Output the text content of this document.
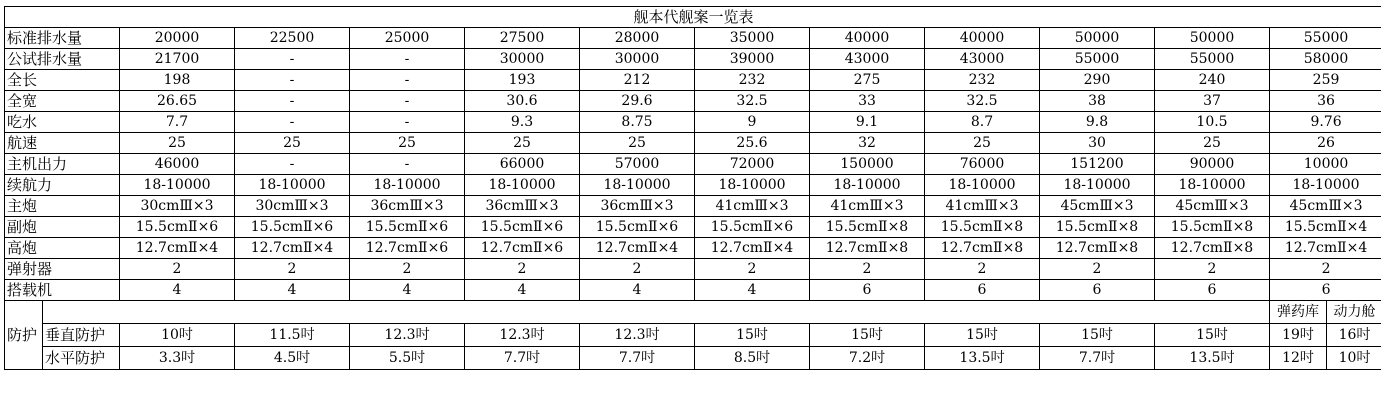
舰本代舰案一览表													
标准排水量		20000	22500	25000	27500	28000	35000	40000	40000	50000	50000	55000	
公试排水量		21700	-	-	30000	30000	39000	43000	43000	55000	55000	58000	
全长		198	-	-	193	212	232	275	232	290	240	259	
全宽		26.65	-	-	30.6	29.6	32.5	33	32.5	38	37	36	
吃水		7.7	-	-	9.3	8.75	9	9.1	8.7	9.8	10.5	9.76	
航速		25	25	25	25	25	25.6	32	25	30	25	26	
主机出力		46000	-	-	66000	57000	72000	150000	76000	151200	90000	10000	
续航力		18-10000	18-10000	18-10000	18-10000	18-10000	18-10000	18-10000	18-10000	18-10000	18-10000	18-10000	
主炮		30cmⅢ×3	30cmⅢ×3	36cmⅢ×3	36cmⅢ×3	36cmⅢ×3	41cmⅢ×3	41cmⅢ×3	41cmⅢ×3	45cmⅢ×3	45cmⅢ×3	45cmⅢ×3	
副炮		15.5cmⅡ×6	15.5cmⅡ×6	15.5cmⅡ×6	15.5cmⅡ×6	15.5cmⅡ×6	15.5cmⅡ×6	15.5cmⅡ×8	15.5cmⅡ×8	15.5cmⅡ×8	15.5cmⅡ×8	15.5cmⅡ×4	
高炮		12.7cmⅡ×4	12.7cmⅡ×4	12.7cmⅡ×6	12.7cmⅡ×6	12.7cmⅡ×4	12.7cmⅡ×4	12.7cmⅡ×8	12.7cmⅡ×8	12.7cmⅡ×8	12.7cmⅡ×8	12.7cmⅡ×4	
弹射器		2	2	2	2	2	2	2	2	2	2	2	
搭载机		4	4	4	4	4	4	6	6	6	6	6	
防护												弹药库	动力舱
	垂直防护	10吋	11.5吋	12.3吋	12.3吋	12.3吋	15吋	15吋	15吋	15吋	15吋	19吋	16吋
	水平防护	3.3吋	4.5吋	5.5吋	7.7吋	7.7吋	8.5吋	7.2吋	13.5吋	7.7吋	13.5吋	12吋	10吋
